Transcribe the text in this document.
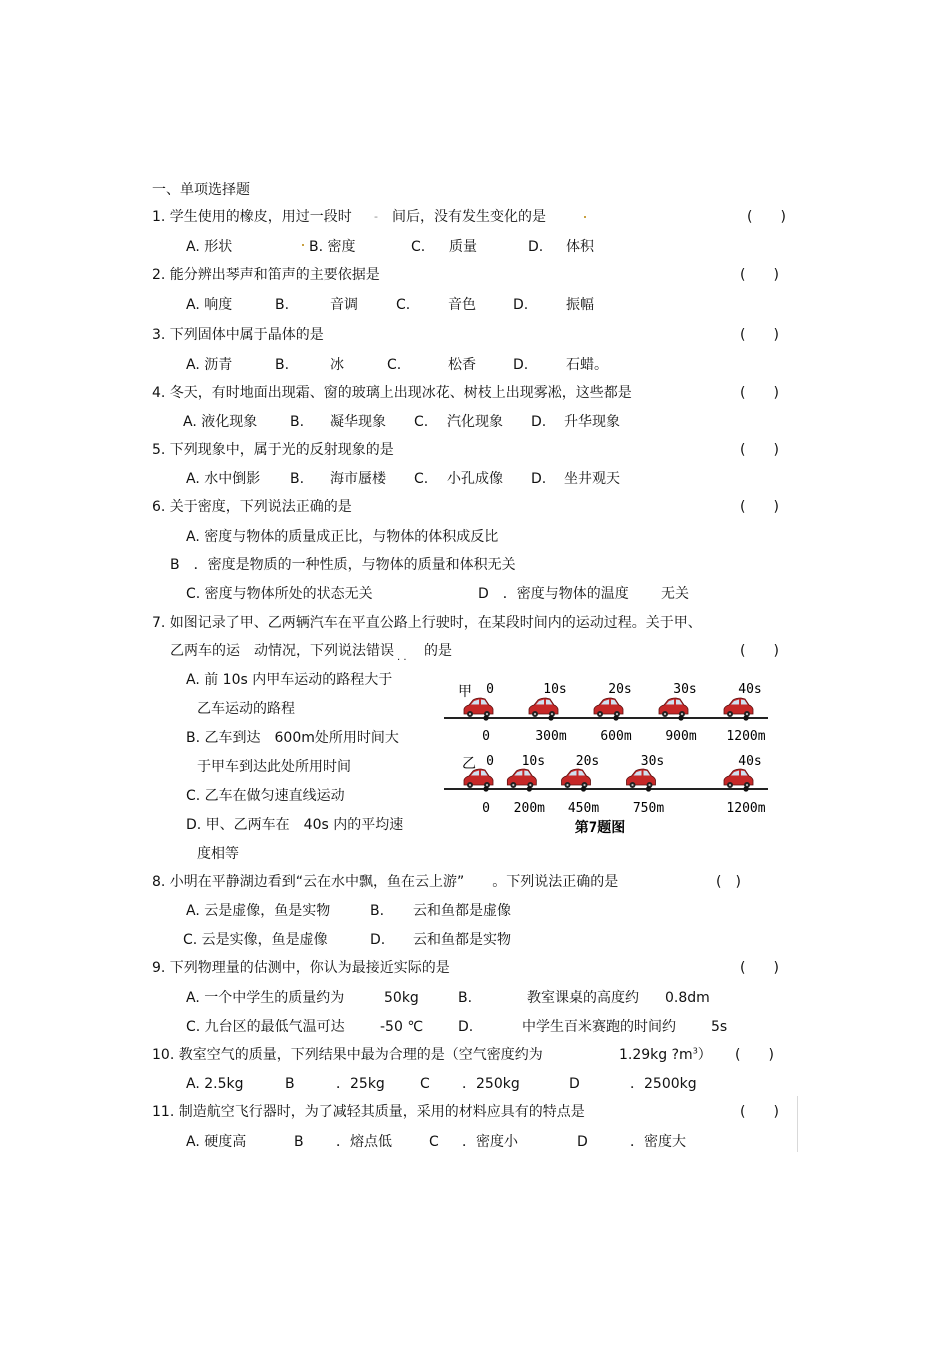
一、单项选择题
1. 学生使用的橡皮，用过一段时 - 间后，没有发生变化的是	(　　)
A. 形状	B. 密度	C. 质量	D. 体积
2. 能分辨出琴声和笛声的主要依据是	(　　)
A. 响度	B.	音调	C.	音色	D.	振幅
3. 下列固体中属于晶体的是	(　　)
A. 沥青	B.	冰	C.	松香	D.	石蜡。
4. 冬天，有时地面出现霜、窗的玻璃上出现冰花、树枝上出现雾凇，这些都是	(　　)
A. 液化现象 B. 凝华现象 C. 汽化现象 D. 升华现象
5. 下列现象中，属于光的反射现象的是	(　　)
A. 水中倒影 B. 海市蜃楼 C. 小孔成像 D. 坐井观天
6. 关于密度，下列说法正确的是	(　　)
A. 密度与物体的质量成正比，与物体的体积成反比
B　．密度是物质的一种性质，与物体的质量和体积无关
C. 密度与物体所处的状态无关	D　．密度与物体的温度 无关
7. 如图记录了甲、乙两辆汽车在平直公路上行驶时，在某段时间内的运动过程。关于甲、
乙两车的运 动情况，下列说法错误 的是
· ·
(　　)
A. 前 10s 内甲车运动的路程大于
乙车运动的路程
B. 乙车到达　600m处所用时间大
于甲车到达此处所用时间
C. 乙车在做匀速直线运动
D. 甲、乙两车在　40s 内的平均速
度相等
甲 0	10s	20s	30s	40s
0	300m	600m	900m 1200m
乙 0 10s 20s	30s	40s
0 200m 450m	750m	1200m
第7题图
8. 小明在平静湖边看到“云在水中飘，鱼在云上游”　　。下列说法正确的是	(　)
A. 云是虚像，鱼是实物	B. 云和鱼都是虚像
C. 云是实像，鱼是虚像	D. 云和鱼都是实物
9. 下列物理量的估测中，你认为最接近实际的是	(　　)
A. 一个中学生的质量约为	50kg	B.	教室课桌的高度约 0.8dm
C. 九台区的最低气温可达	-50 ℃ D.	中学生百米赛跑的时间约	5s
10. 教室空气的质量，下列结果中最为合理的是（空气密度约为	1.29kg $?m^3$） (　　)
A. 2.5kg	B	．25kg	C ．250kg	D	．2500kg
11. 制造航空飞行器时，为了减轻其质量，采用的材料应具有的特点是	(　　)
A. 硬度高	B ．熔点低	C ．密度小	D	．密度大
